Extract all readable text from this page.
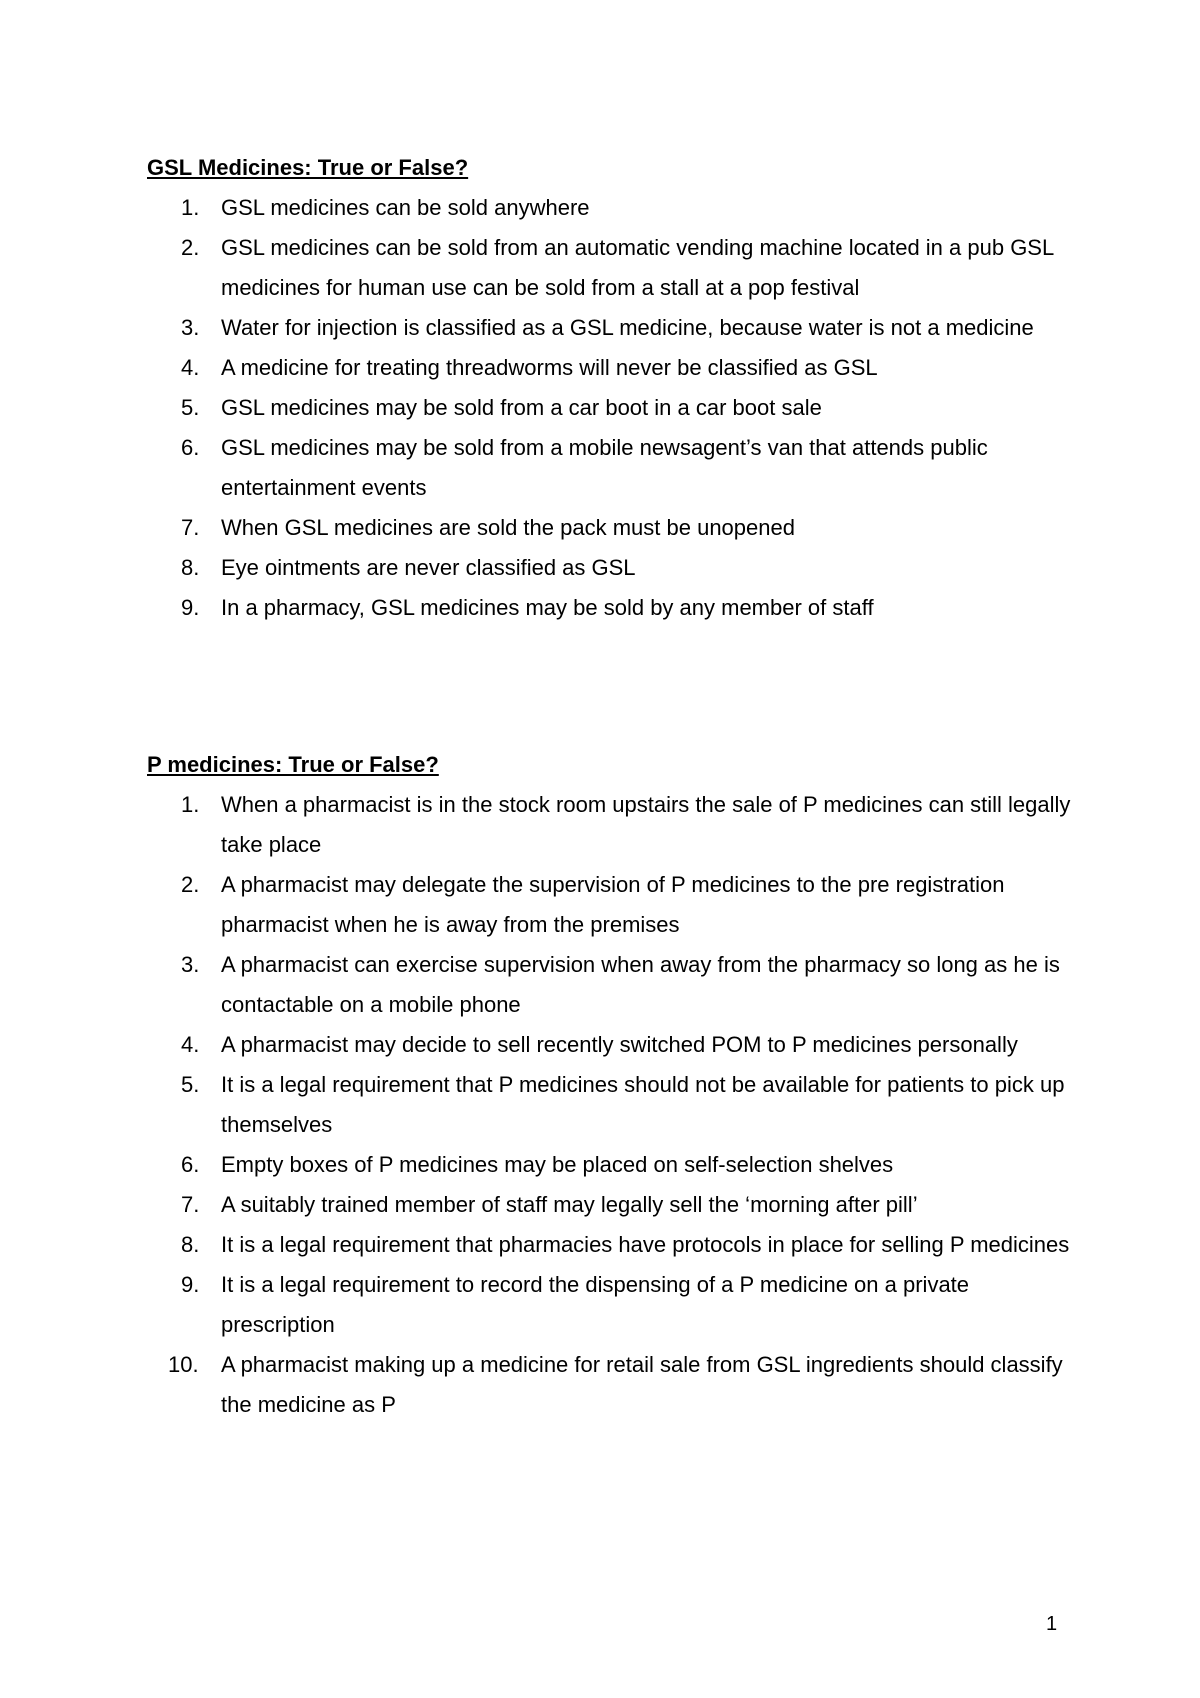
GSL Medicines: True or False?
1. GSL medicines can be sold anywhere
2. GSL medicines can be sold from an automatic vending machine located in a pub GSL medicines for human use can be sold from a stall at a pop festival
3. Water for injection is classified as a GSL medicine, because water is not a medicine
4. A medicine for treating threadworms will never be classified as GSL
5. GSL medicines may be sold from a car boot in a car boot sale
6. GSL medicines may be sold from a mobile newsagent’s van that attends public entertainment events
7. When GSL medicines are sold the pack must be unopened
8. Eye ointments are never classified as GSL
9. In a pharmacy, GSL medicines may be sold by any member of staff
P medicines: True or False?
1. When a pharmacist is in the stock room upstairs the sale of P medicines can still legally take place
2. A pharmacist may delegate the supervision of P medicines to the pre registration pharmacist when he is away from the premises
3. A pharmacist can exercise supervision when away from the pharmacy so long as he is contactable on a mobile phone
4. A pharmacist may decide to sell recently switched POM to P medicines personally
5. It is a legal requirement that P medicines should not be available for patients to pick up themselves
6. Empty boxes of P medicines may be placed on self-selection shelves
7. A suitably trained member of staff may legally sell the ‘morning after pill’
8. It is a legal requirement that pharmacies have protocols in place for selling P medicines
9. It is a legal requirement to record the dispensing of a P medicine on a private prescription
10.	A pharmacist making up a medicine for retail sale from GSL ingredients should classify the medicine as P
1
